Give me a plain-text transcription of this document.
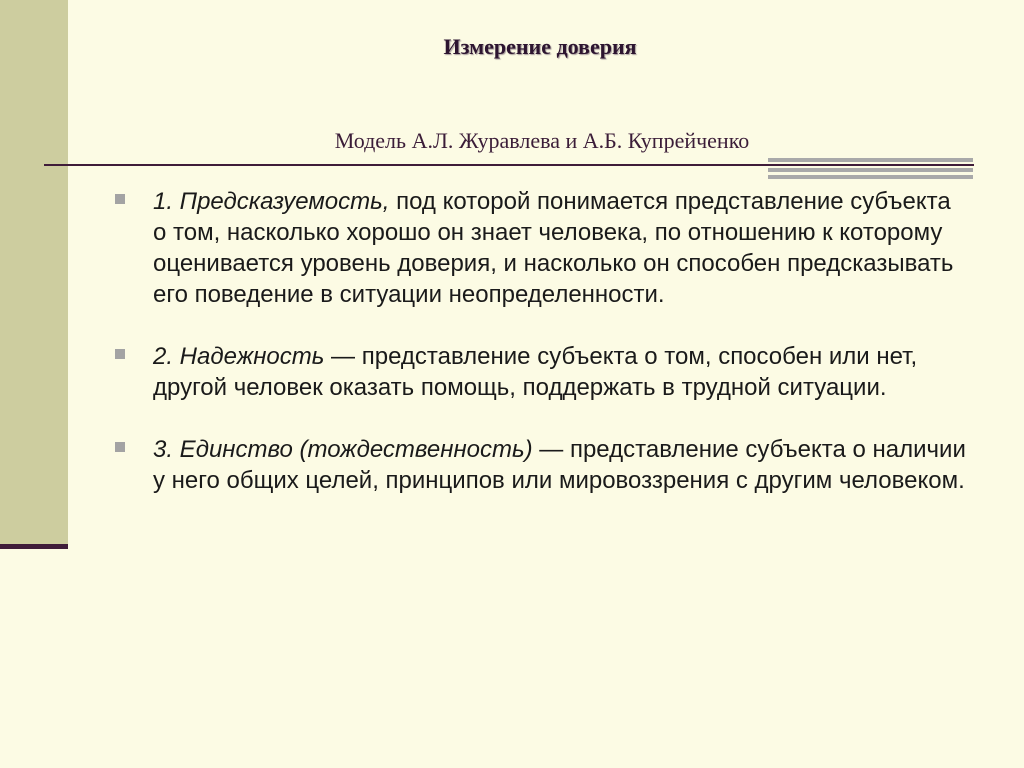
Измерение доверия
Модель А.Л. Журавлева и А.Б. Купрейченко
1. Предсказуемость, под которой понимается представление субъекта о том, насколько хорошо он знает человека, по отношению к которому оценивается уровень доверия, и насколько он способен предсказывать его поведение в ситуации неопределенности.
2. Надежность — представление субъекта о том, способен или нет, другой человек оказать помощь, поддержать в трудной ситуации.
3. Единство (тождественность) — представление субъекта о наличии у него общих целей, принципов или мировоззрения с другим человеком.
